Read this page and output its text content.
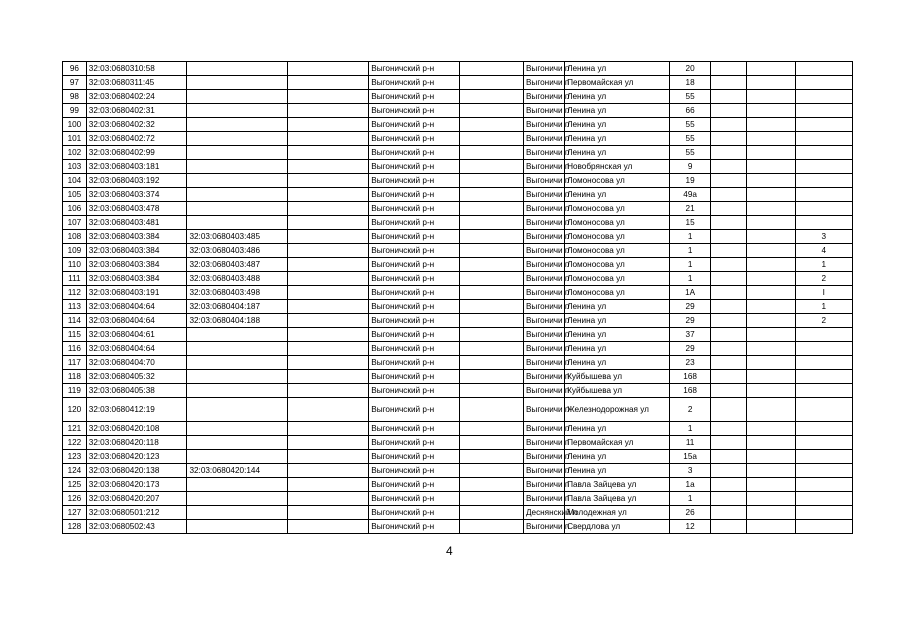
96	32:03:0680310:58			Выгоничский р-н		Выгоничи п	Ленина ул	20			
97	32:03:0680311:45			Выгоничский р-н		Выгоничи п	Первомайская ул	18			
98	32:03:0680402:24			Выгоничский р-н		Выгоничи п	Ленина ул	55			
99	32:03:0680402:31			Выгоничский р-н		Выгоничи п	Ленина ул	66			
100	32:03:0680402:32			Выгоничский р-н		Выгоничи п	Ленина ул	55			
101	32:03:0680402:72			Выгоничский р-н		Выгоничи п	Ленина ул	55			
102	32:03:0680402:99			Выгоничский р-н		Выгоничи п	Ленина ул	55			
103	32:03:0680403:181			Выгоничский р-н		Выгоничи п	Новобрянская ул	9			
104	32:03:0680403:192			Выгоничский р-н		Выгоничи п	Ломоносова ул	19			
105	32:03:0680403:374			Выгоничский р-н		Выгоничи п	Ленина ул	49а			
106	32:03:0680403:478			Выгоничский р-н		Выгоничи п	Ломоносова ул	21			
107	32:03:0680403:481			Выгоничский р-н		Выгоничи п	Ломоносова ул	15			
108	32:03:0680403:384	32:03:0680403:485		Выгоничский р-н		Выгоничи п	Ломоносова ул	1			3
109	32:03:0680403:384	32:03:0680403:486		Выгоничский р-н		Выгоничи п	Ломоносова ул	1			4
110	32:03:0680403:384	32:03:0680403:487		Выгоничский р-н		Выгоничи п	Ломоносова ул	1			1
111	32:03:0680403:384	32:03:0680403:488		Выгоничский р-н		Выгоничи п	Ломоносова ул	1			2
112	32:03:0680403:191	32:03:0680403:498		Выгоничский р-н		Выгоничи п	Ломоносова ул	1А			I
113	32:03:0680404:64	32:03:0680404:187		Выгоничский р-н		Выгоничи п	Ленина ул	29			1
114	32:03:0680404:64	32:03:0680404:188		Выгоничский р-н		Выгоничи п	Ленина ул	29			2
115	32:03:0680404:61			Выгоничский р-н		Выгоничи п	Ленина ул	37			
116	32:03:0680404:64			Выгоничский р-н		Выгоничи п	Ленина ул	29			
117	32:03:0680404:70			Выгоничский р-н		Выгоничи п	Ленина ул	23			
118	32:03:0680405:32			Выгоничский р-н		Выгоничи п	Куйбышева ул	168			
119	32:03:0680405:38			Выгоничский р-н		Выгоничи п	Куйбышева ул	168			
120	32:03:0680412:19			Выгоничский р-н		Выгоничи п	Железнодорожная ул	2			
121	32:03:0680420:108			Выгоничский р-н		Выгоничи п	Ленина ул	1			
122	32:03:0680420:118			Выгоничский р-н		Выгоничи п	Первомайская ул	11			
123	32:03:0680420:123			Выгоничский р-н		Выгоничи п	Ленина ул	15а			
124	32:03:0680420:138	32:03:0680420:144		Выгоничский р-н		Выгоничи п	Ленина ул	3			
125	32:03:0680420:173			Выгоничский р-н		Выгоничи п	Павла Зайцева ул	1а			
126	32:03:0680420:207			Выгоничский р-н		Выгоничи п	Павла Зайцева ул	1			
127	32:03:0680501:212			Выгоничский р-н		Деснянский п	Молодежная ул	26			
128	32:03:0680502:43			Выгоничский р-н		Выгоничи п	Свердлова ул	12			
4
